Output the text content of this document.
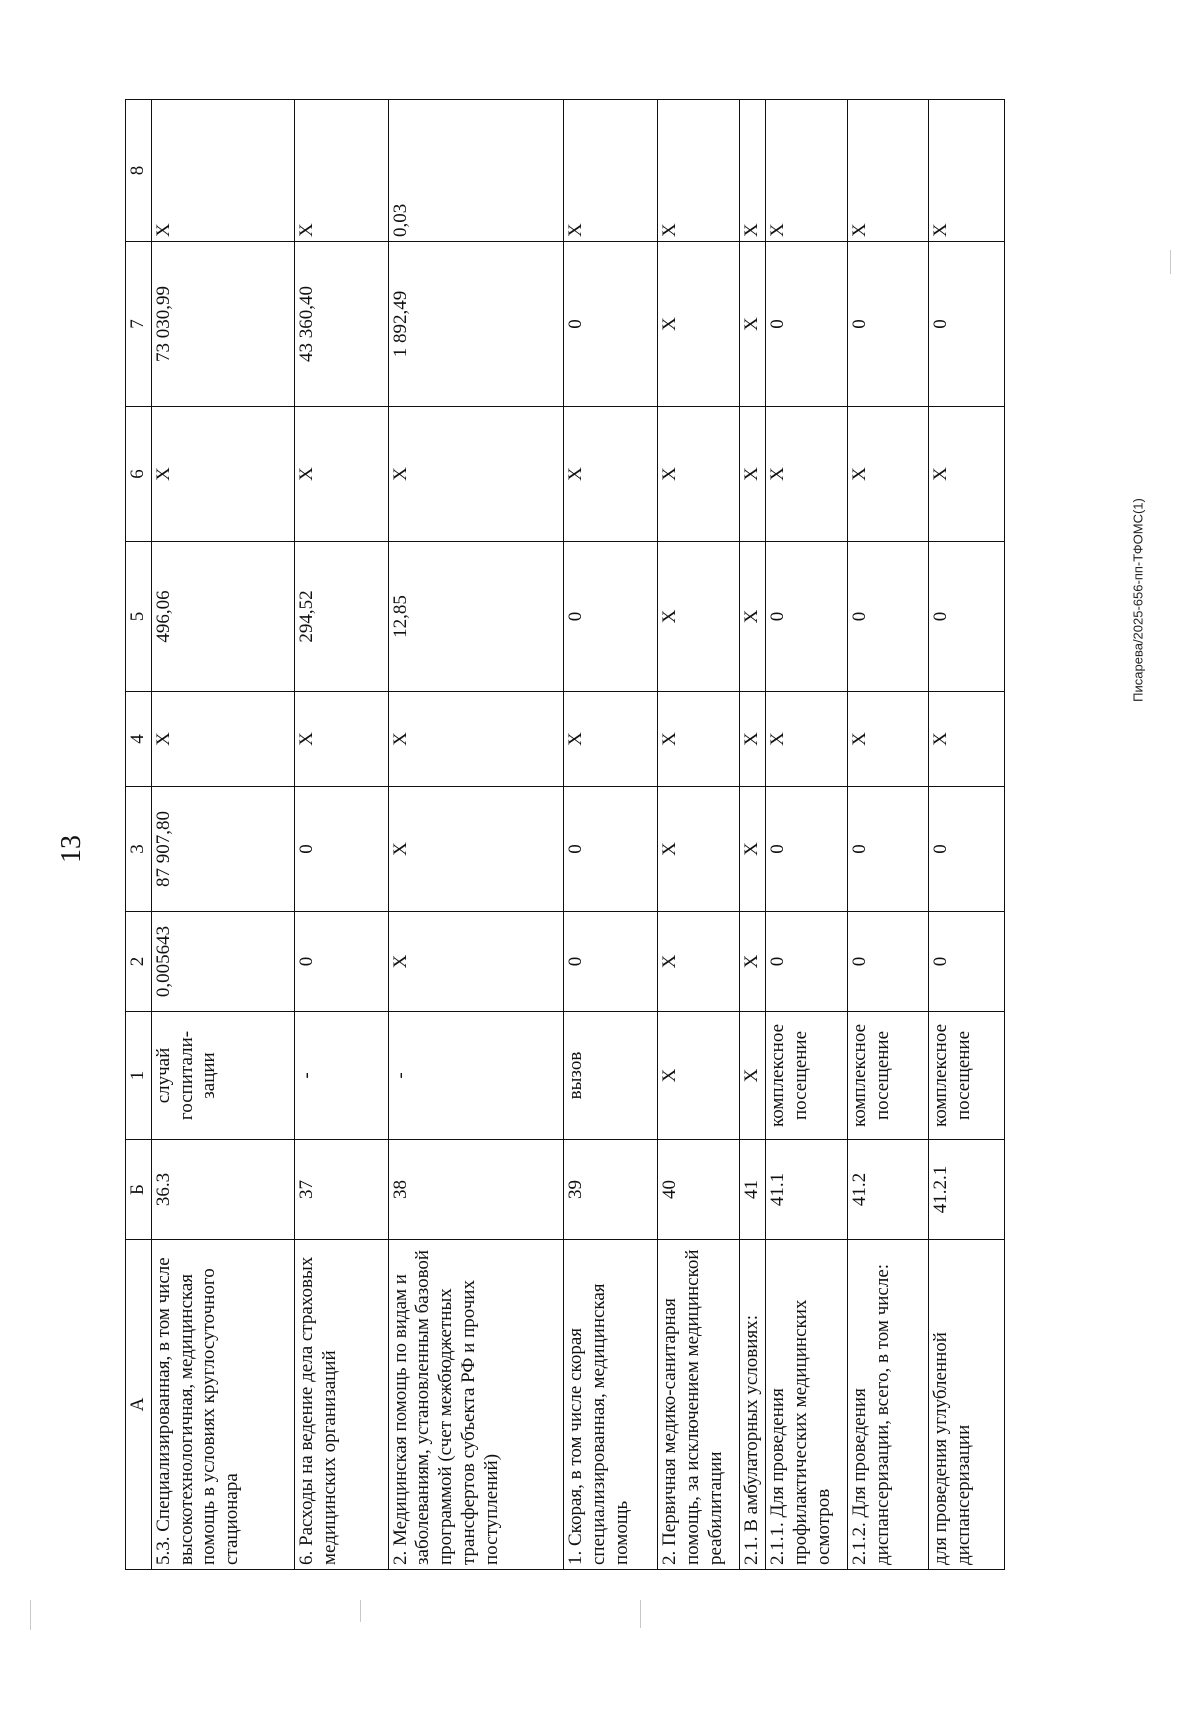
13
Писарева/2025-656-пп-ТФОМС(1)
А	Б	1	2	3	4	5	6	7	8
5.3. Специализированная, в том числе высокотехнологичная, медицинская помощь в условиях круглосуточного стационара	36.3	случай госпитали-зации	0,005643	87 907,80	Х	496,06	Х	73 030,99	Х
6. Расходы на ведение дела страховых медицинских организаций	37	-	0	0	Х	294,52	Х	43 360,40	Х
2. Медицинская помощь по видам и заболеваниям, установленным базовой программой (счет межбюджетных трансфертов субъекта РФ и прочих поступлений)	38	-	Х	Х	Х	12,85	Х	1 892,49	0,03
1. Скорая, в том числе скорая специализированная, медицинская помощь	39	вызов	0	0	Х	0	Х	0	Х
2. Первичная медико-санитарная помощь, за исключением медицинской реабилитации	40	Х	Х	Х	Х	Х	Х	Х	Х
2.1. В амбулаторных условиях:	41	Х	Х	Х	Х	Х	Х	Х	Х
2.1.1. Для проведения профилактических медицинских осмотров	41.1	комплексное посещение	0	0	Х	0	Х	0	Х
2.1.2. Для проведения диспансеризации, всего, в том числе:	41.2	комплексное посещение	0	0	Х	0	Х	0	Х
для проведения углубленной диспансеризации	41.2.1	комплексное посещение	0	0	Х	0	Х	0	Х
